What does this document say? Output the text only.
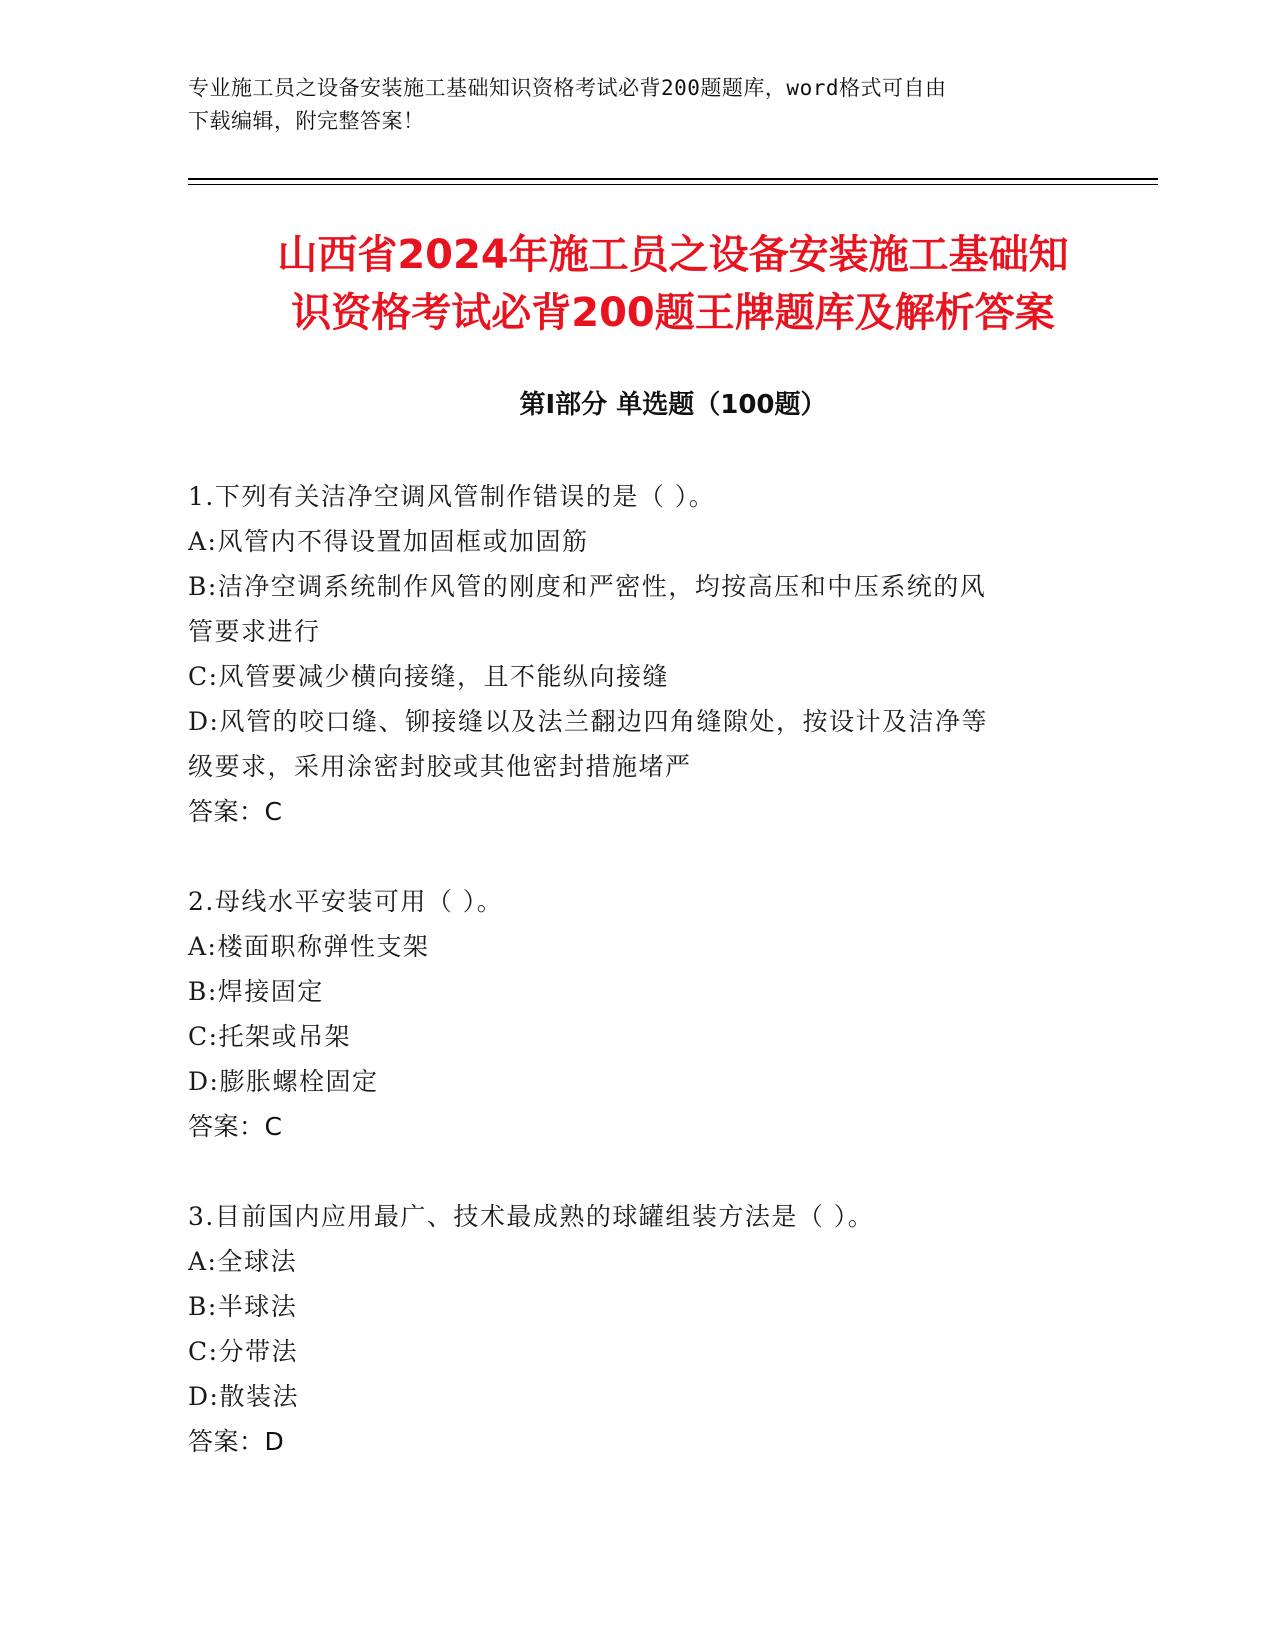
专业施工员之设备安装施工基础知识资格考试必背200题题库，word格式可自由

下载编辑，附完整答案！

山西省2024年施工员之设备安装施工基础知

识资格考试必背200题王牌题库及解析答案

第Ⅰ部分 单选题（100题）

1.下列有关洁净空调风管制作错误的是（ ）。

A:风管内不得设置加固框或加固筋

B:洁净空调系统制作风管的刚度和严密性，均按高压和中压系统的风

管要求进行

C:风管要减少横向接缝，且不能纵向接缝

D:风管的咬口缝、铆接缝以及法兰翻边四角缝隙处，按设计及洁净等

级要求，采用涂密封胶或其他密封措施堵严

答案：C

2.母线水平安装可用（ ）。

A:楼面职称弹性支架

B:焊接固定

C:托架或吊架

D:膨胀螺栓固定

答案：C

3.目前国内应用最广、技术最成熟的球罐组装方法是（ ）。

A:全球法

B:半球法

C:分带法

D:散装法

答案：D
